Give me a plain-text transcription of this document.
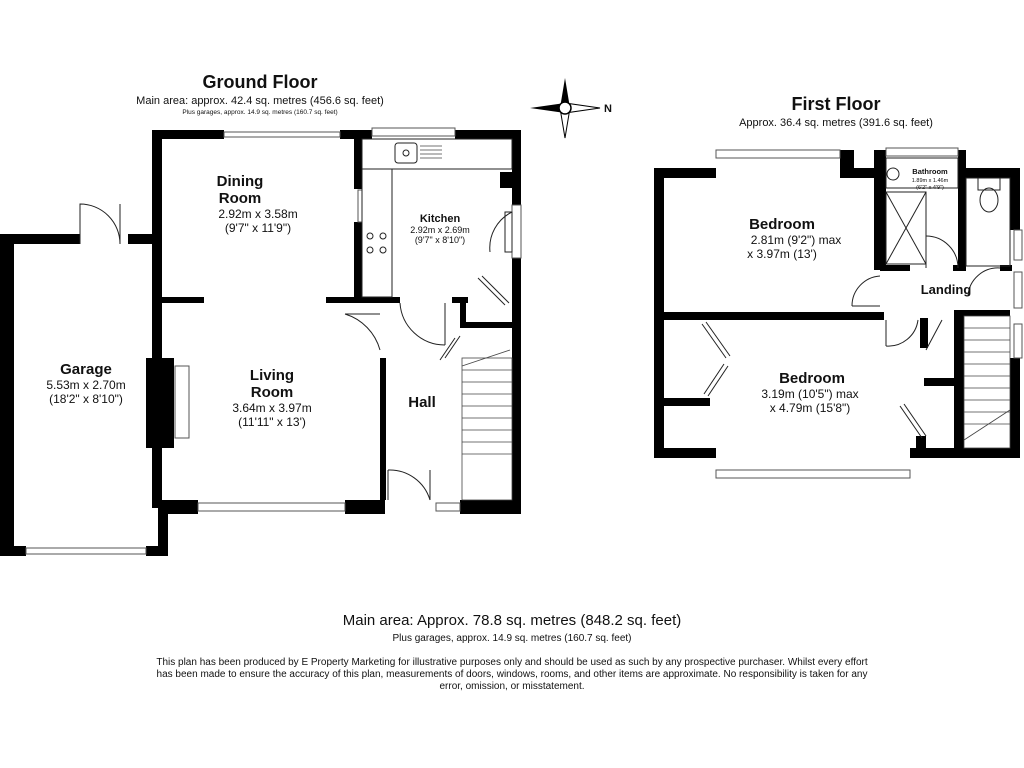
Ground Floor
Main area: approx. 42.4 sq. metres (456.6 sq. feet)
Plus garages, approx. 14.9 sq. metres (160.7 sq. feet)
Dining
Room
2.92m x 3.58m
(9'7" x 11'9")
Kitchen
2.92m x 2.69m
(9'7" x 8'10")
Living
Room
3.64m x 3.97m
(11'11" x 13')
Hall
Garage
5.53m x 2.70m
(18'2" x 8'10")
N	First Floor
Approx. 36.4 sq. metres (391.6 sq. feet)
Bedroom
2.81m (9'2") max
x 3.97m (13')
Landing
Bedroom
3.19m (10'5") max
x 4.79m (15'8")
Bathroom
1.89m x 1.46m
(6'2" x 4'9")
Main area: Approx. 78.8 sq. metres (848.2 sq. feet)
Plus garages, approx. 14.9 sq. metres (160.7 sq. feet)
This plan has been produced by E Property Marketing for illustrative purposes only and should be used as such by any prospective purchaser. Whilst every effort has been made to ensure the accuracy of this plan, measurements of doors, windows, rooms, and other items are approximate. No responsibility is taken for any error, omission, or misstatement.
